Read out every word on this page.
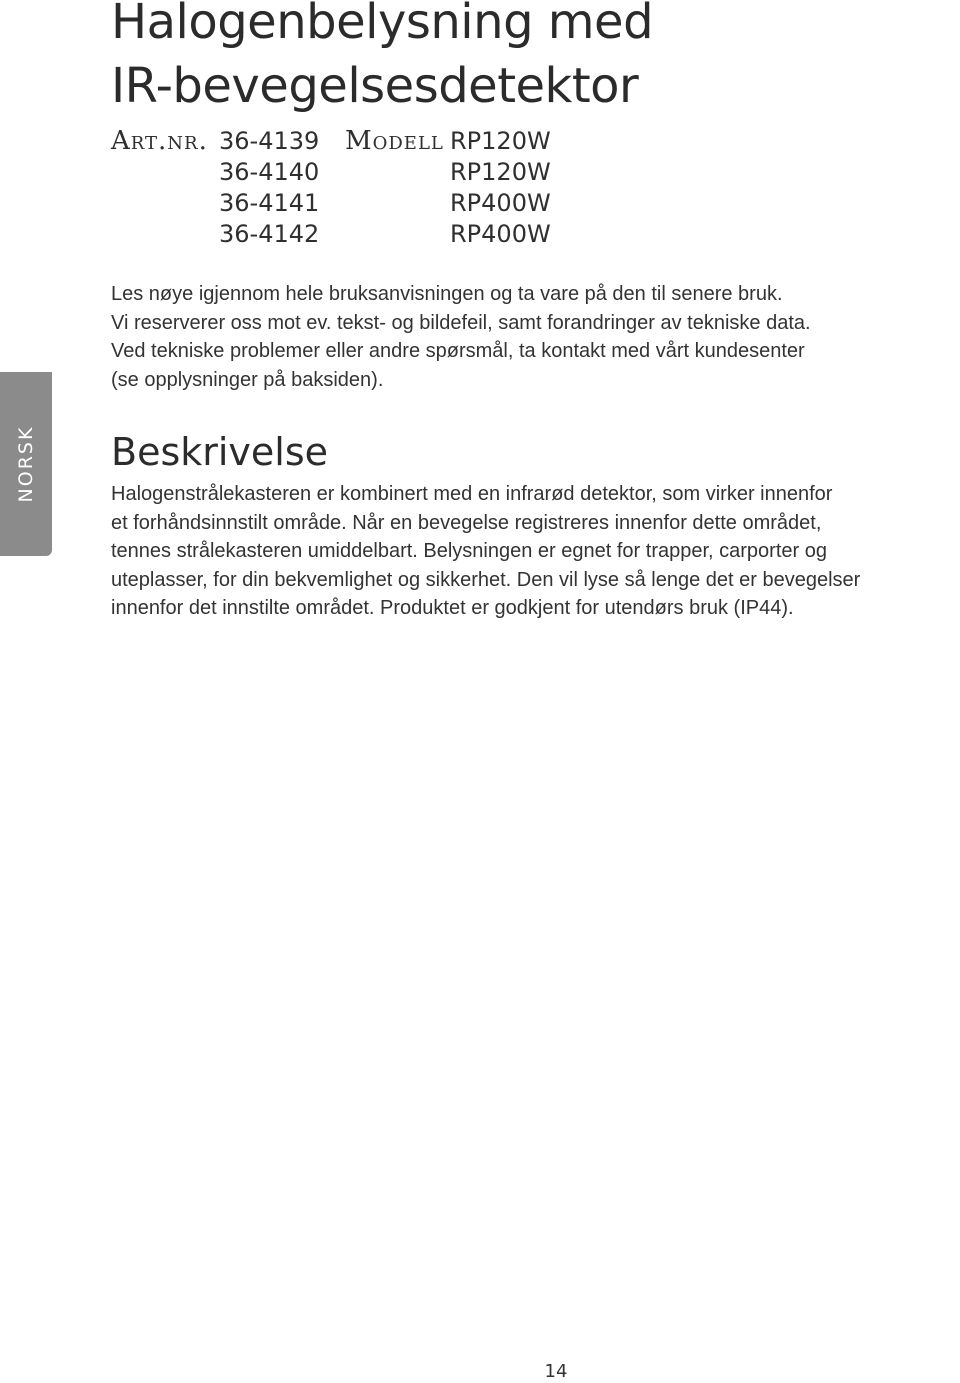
NORSK
Halogenbelysning med
IR-bevegelsesdetektor
Art.nr.	Modell
36-4139
36-4140
36-4141
36-4142
RP120W
RP120W
RP400W
RP400W
Les nøye igjennom hele bruksanvisningen og ta vare på den til senere bruk.
Vi reserverer oss mot ev. tekst- og bildefeil, samt forandringer av tekniske data.
Ved tekniske problemer eller andre spørsmål, ta kontakt med vårt kundesenter
(se opplysninger på baksiden).
Beskrivelse
Halogenstrålekasteren er kombinert med en infrarød detektor, som virker innenfor
et forhåndsinnstilt område. Når en bevegelse registreres innenfor dette området,
tennes strålekasteren umiddelbart. Belysningen er egnet for trapper, carporter og
uteplasser, for din bekvemlighet og sikkerhet. Den vil lyse så lenge det er bevegelser
innenfor det innstilte området. Produktet er godkjent for utendørs bruk (IP44).
14
